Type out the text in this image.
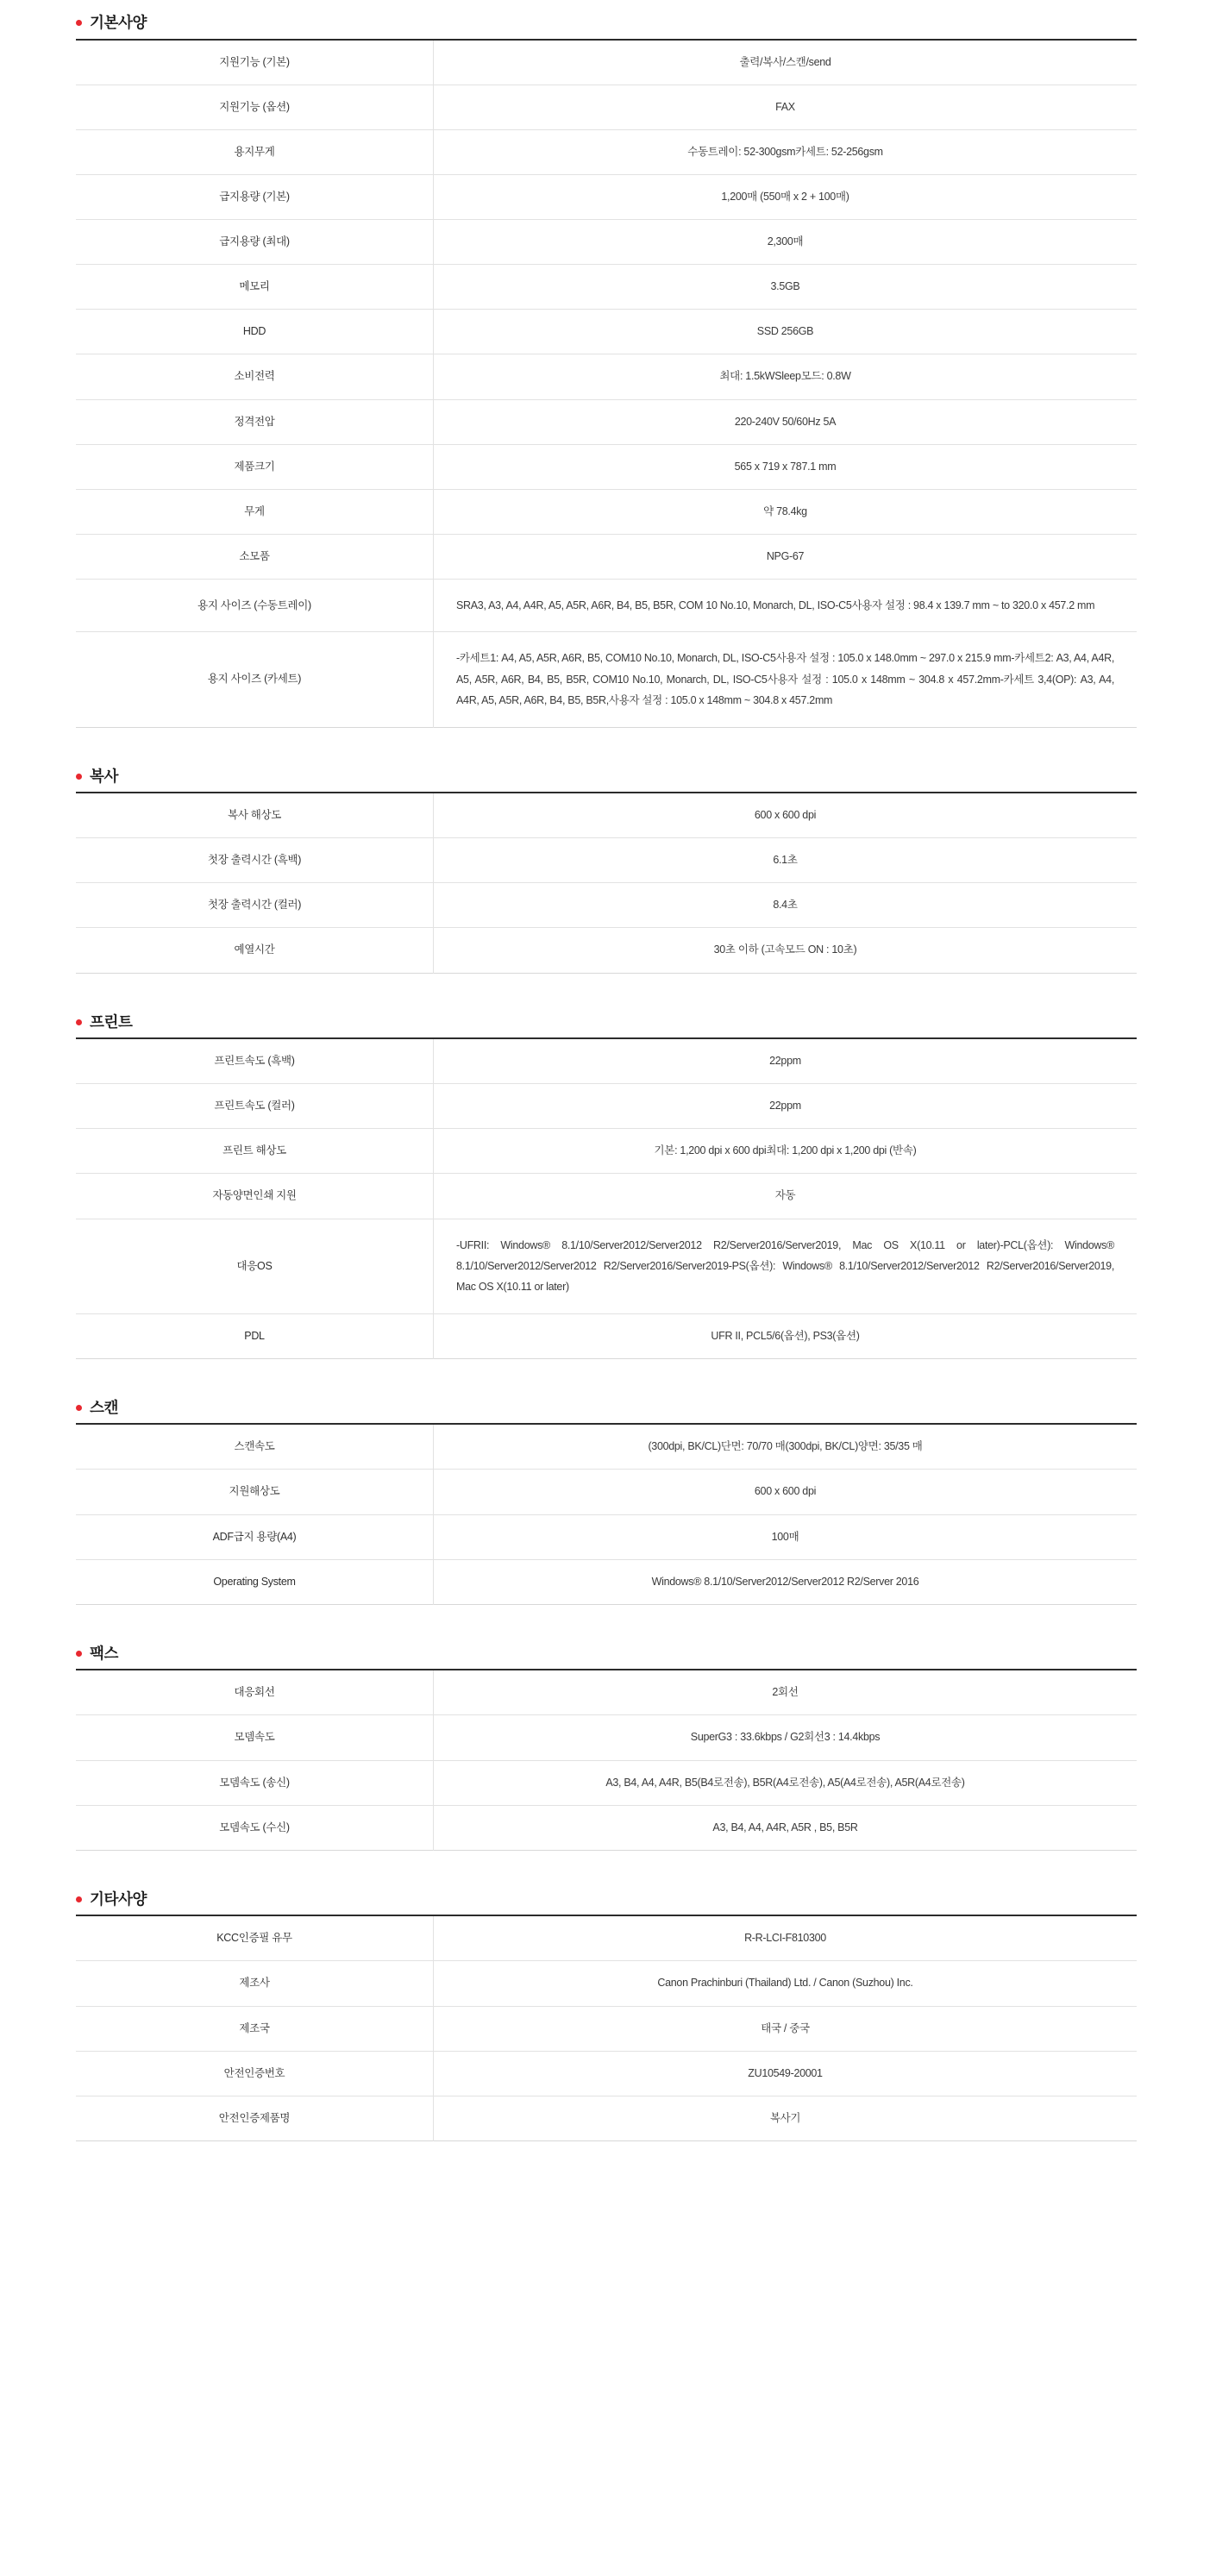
기본사양
지원기능 (기본)	출력/복사/스캔/send
지원기능 (옵션)	FAX
용지무게	수동트레이: 52-300gsm카세트: 52-256gsm
급지용량 (기본)	1,200매 (550매 x 2 + 100매)
급지용량 (최대)	2,300매
메모리	3.5GB
HDD	SSD 256GB
소비전력	최대: 1.5kWSleep모드: 0.8W
정격전압	220-240V 50/60Hz 5A
제품크기	565 x 719 x 787.1 mm
무게	약 78.4kg
소모품	NPG-67
용지 사이즈 (수동트레이)	SRA3, A3, A4, A4R, A5, A5R, A6R, B4, B5, B5R, COM 10 No.10, Monarch, DL, ISO-C5사용자 설정 : 98.4 x 139.7 mm ~ to 320.0 x 457.2 mm
용지 사이즈 (카세트)	-카세트1: A4, A5, A5R, A6R, B5, COM10 No.10, Monarch, DL, ISO-C5사용자 설정 : 105.0 x 148.0mm ~ 297.0 x 215.9 mm-카세트2: A3, A4, A4R, A5, A5R, A6R, B4, B5, B5R, COM10 No.10, Monarch, DL, ISO-C5사용자 설정 : 105.0 x 148mm ~ 304.8 x 457.2mm-카세트 3,4(OP): A3, A4, A4R, A5, A5R, A6R, B4, B5, B5R,사용자 설정 : 105.0 x 148mm ~ 304.8 x 457.2mm
복사
복사 해상도	600 x 600 dpi
첫장 출력시간 (흑백)	6.1초
첫장 출력시간 (컬러)	8.4초
예열시간	30초 이하 (고속모드 ON : 10초)
프린트
프린트속도 (흑백)	22ppm
프린트속도 (컬러)	22ppm
프린트 해상도	기본: 1,200 dpi x 600 dpi최대: 1,200 dpi x 1,200 dpi (반속)
자동양면인쇄 지원	자동
대응OS	-UFRII: Windows® 8.1/10/Server2012/Server2012 R2/Server2016/Server2019, Mac OS X(10.11 or later)-PCL(옵션): Windows® 8.1/10/Server2012/Server2012 R2/Server2016/Server2019-PS(옵션): Windows® 8.1/10/Server2012/Server2012 R2/Server2016/Server2019, Mac OS X(10.11 or later)
PDL	UFR II, PCL5/6(옵션), PS3(옵션)
스캔
스캔속도	(300dpi, BK/CL)단면: 70/70 매(300dpi, BK/CL)양면: 35/35 매
지원해상도	600 x 600 dpi
ADF급지 용량(A4)	100매
Operating System	Windows® 8.1/10/Server2012/Server2012 R2/Server 2016
팩스
대응회선	2회선
모뎀속도	SuperG3 : 33.6kbps / G2회선3 : 14.4kbps
모뎀속도 (송신)	A3, B4, A4, A4R, B5(B4로전송), B5R(A4로전송), A5(A4로전송), A5R(A4로전송)
모뎀속도 (수신)	A3, B4, A4, A4R, A5R , B5, B5R
기타사양
KCC인증필 유무	R-R-LCI-F810300
제조사	Canon Prachinburi (Thailand) Ltd. / Canon (Suzhou) Inc.
제조국	태국 / 중국
안전인증번호	ZU10549-20001
안전인증제품명	복사기
